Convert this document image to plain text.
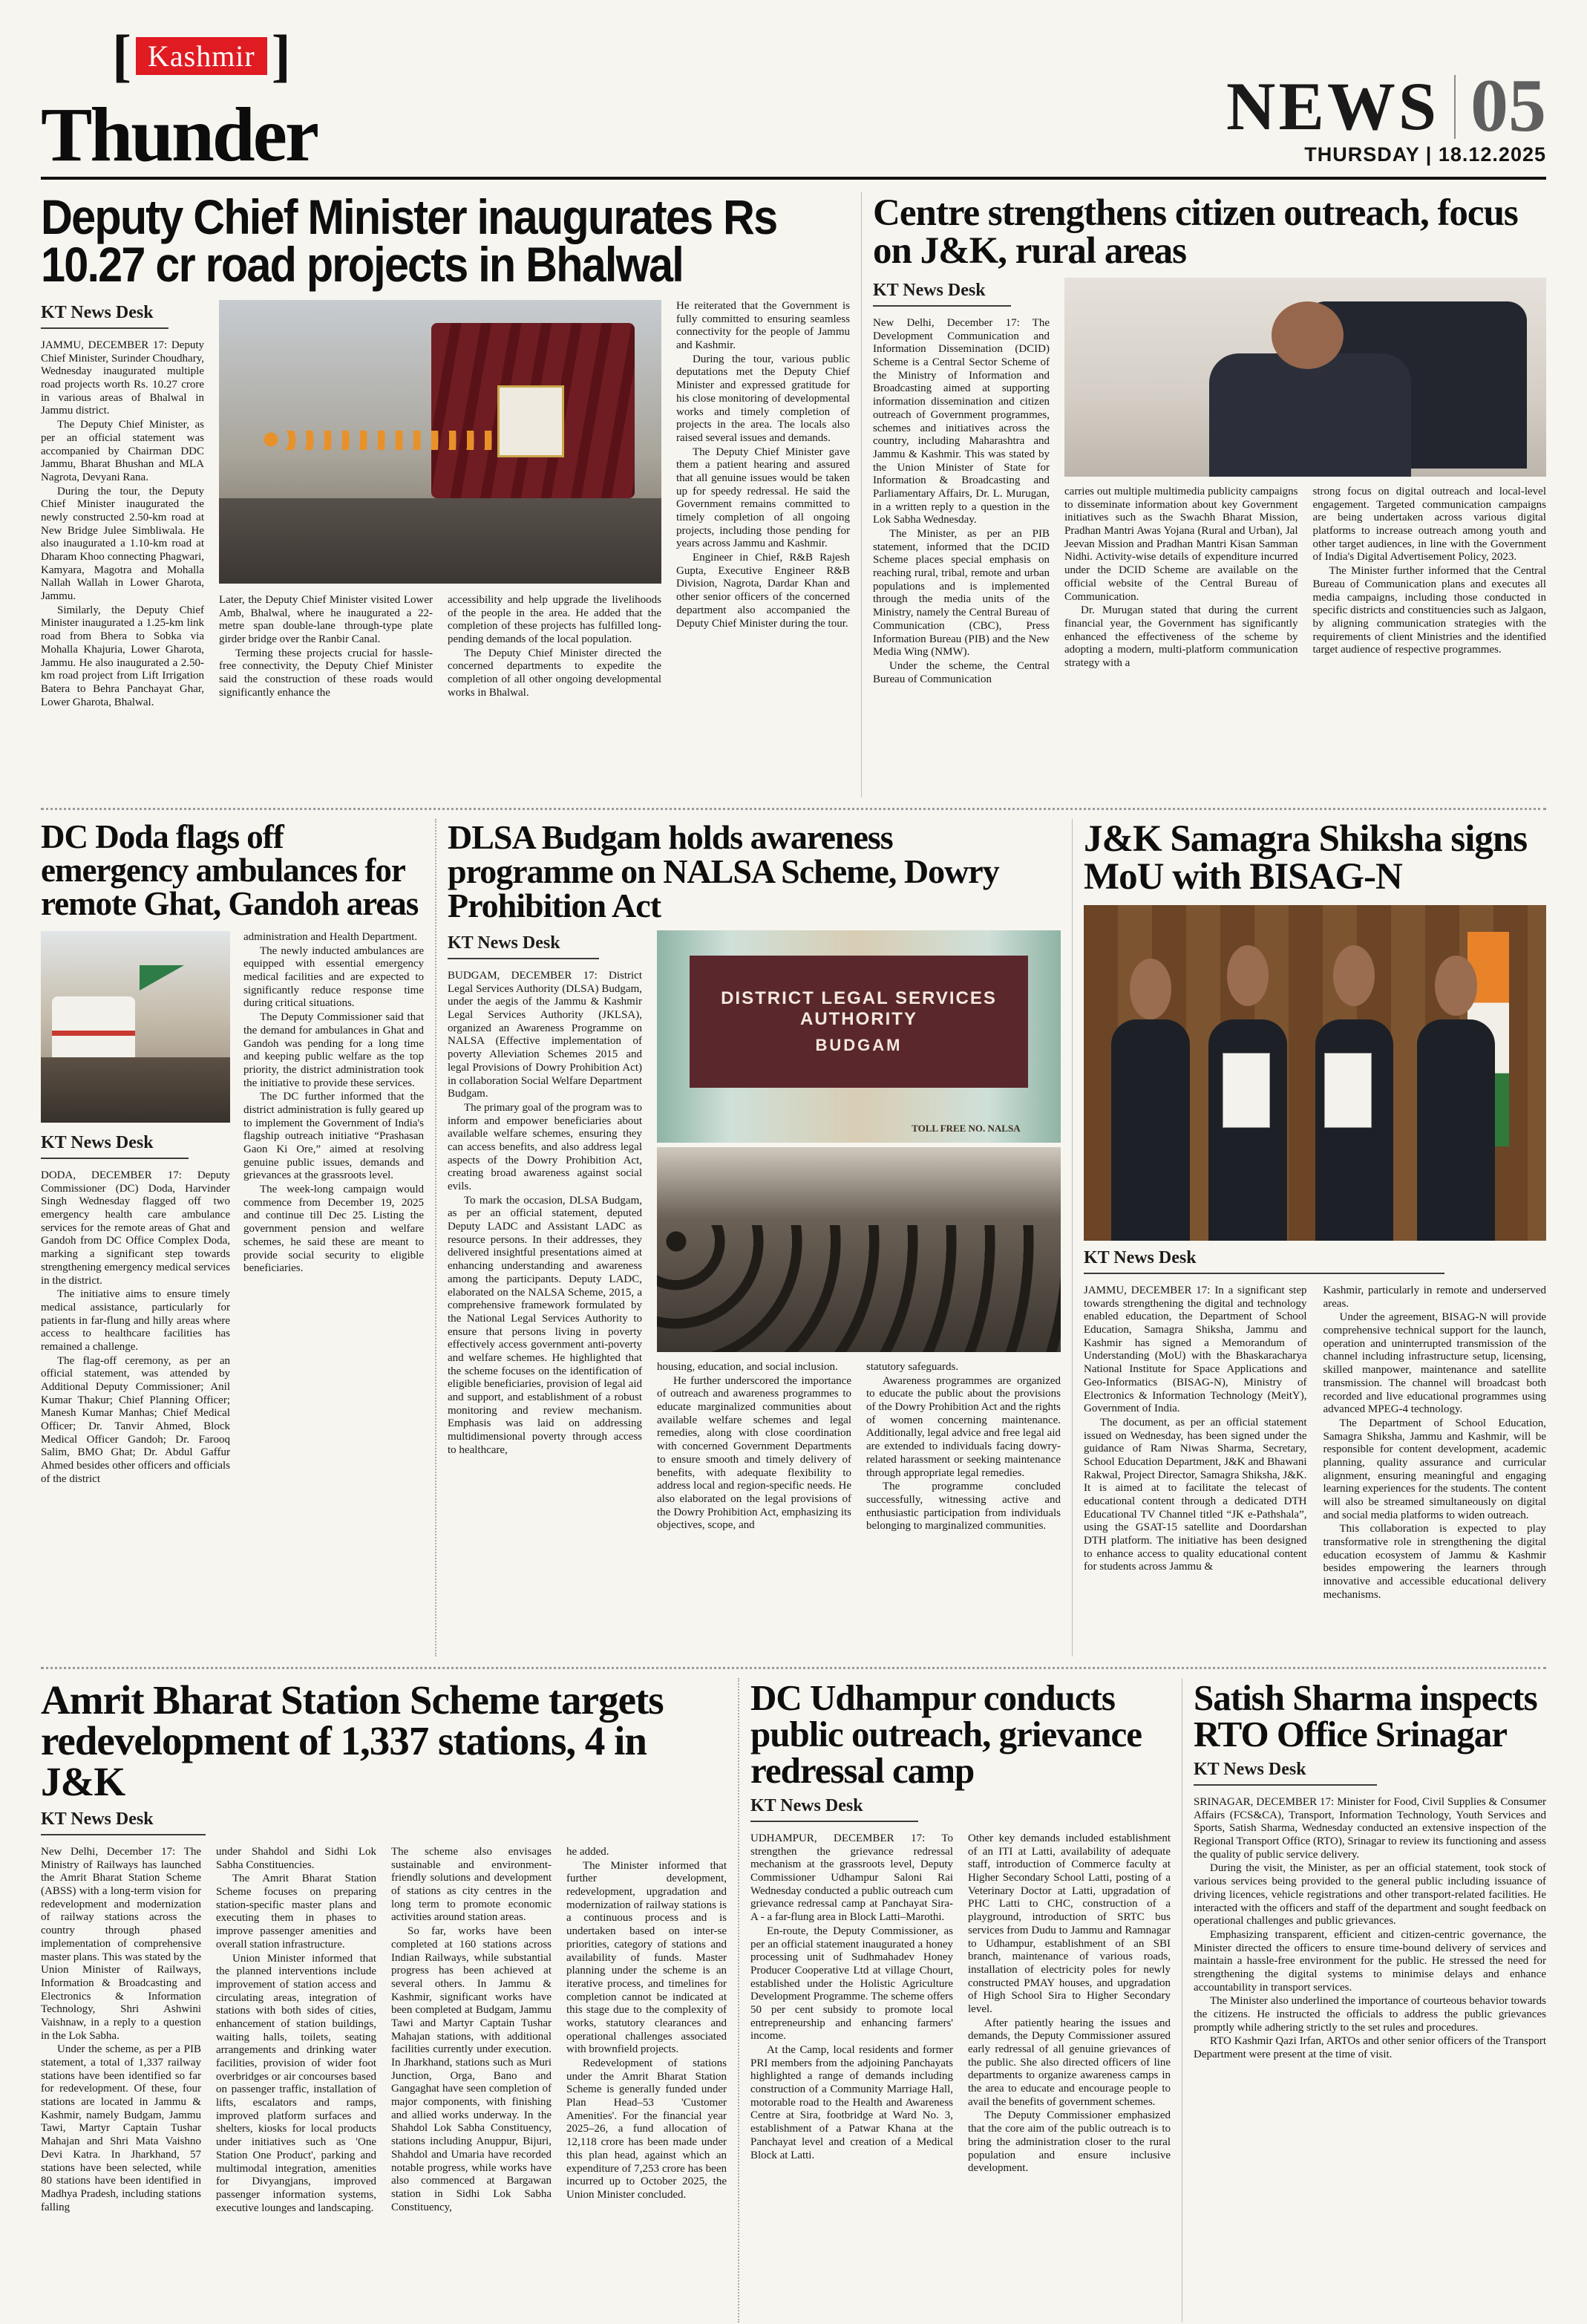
[ Kashmir ]
Thunder	NEWS 05
THURSDAY | 18.12.2025
Deputy Chief Minister inaugurates Rs 10.27 cr road projects in Bhalwal
KT News Desk

JAMMU, DECEMBER 17: Deputy Chief Minister, Surinder Choudhary, Wednesday inaugurated multiple road projects worth Rs. 10.27 crore in various areas of Bhalwal in Jammu district.

The Deputy Chief Minister, as per an official statement was accompanied by Chairman DDC Jammu, Bharat Bhushan and MLA Nagrota, Devyani Rana.

During the tour, the Deputy Chief Minister inaugurated the newly constructed 2.50-km road at New Bridge Julee Simbliwala. He also inaugurated a 1.10-km road at Dharam Khoo connecting Phagwari, Kamyara, Magotra and Mohalla Nallah Wallah in Lower Gharota, Jammu.

Similarly, the Deputy Chief Minister inaugurated a 1.25-km link road from Bhera to Sobka via Mohalla Khajuria, Lower Gharota, Jammu. He also inaugurated a 2.50-km road project from Lift Irrigation Batera to Behra Panchayat Ghar, Lower Gharota, Bhalwal.

Later, the Deputy Chief Minister visited Lower Amb, Bhalwal, where he inaugurated a 22-metre span double-lane through-type plate girder bridge over the Ranbir Canal.

Terming these projects crucial for hassle-free connectivity, the Deputy Chief Minister said the construction of these roads would significantly enhance the

accessibility and help upgrade the livelihoods of the people in the area. He added that the completion of these projects has fulfilled long-pending demands of the local population.

The Deputy Chief Minister directed the concerned departments to expedite the completion of all other ongoing developmental works in Bhalwal.

He reiterated that the Government is fully committed to ensuring seamless connectivity for the people of Jammu and Kashmir.

During the tour, various public deputations met the Deputy Chief Minister and expressed gratitude for his close monitoring of developmental works and timely completion of projects in the area. The locals also raised several issues and demands.

The Deputy Chief Minister gave them a patient hearing and assured that all genuine issues would be taken up for speedy redressal. He said the Government remains committed to timely completion of all ongoing projects, including those pending for years across Jammu and Kashmir.

Engineer in Chief, R&B Rajesh Gupta, Executive Engineer R&B Division, Nagrota, Dardar Khan and other senior officers of the concerned department also accompanied the Deputy Chief Minister during the tour.

Centre strengthens citizen outreach, focus on J&K, rural areas
KT News Desk

New Delhi, December 17: The Development Communication and Information Dissemination (DCID) Scheme is a Central Sector Scheme of the Ministry of Information and Broadcasting aimed at supporting information dissemination and citizen outreach of Government programmes, schemes and initiatives across the country, including Maharashtra and Jammu & Kashmir. This was stated by the Union Minister of State for Information & Broadcasting and Parliamentary Affairs, Dr. L. Murugan, in a written reply to a question in the Lok Sabha Wednesday.

The Minister, as per an PIB statement, informed that the DCID Scheme places special emphasis on reaching rural, tribal, remote and urban populations and is implemented through the media units of the Ministry, namely the Central Bureau of Communication (CBC), Press Information Bureau (PIB) and the New Media Wing (NMW).

Under the scheme, the Central Bureau of Communication

carries out multiple multimedia publicity campaigns to disseminate information about key Government initiatives such as the Swachh Bharat Mission, Pradhan Mantri Awas Yojana (Rural and Urban), Jal Jeevan Mission and Pradhan Mantri Kisan Samman Nidhi. Activity-wise details of expenditure incurred under the DCID Scheme are available on the official website of the Central Bureau of Communication.

Dr. Murugan stated that during the current financial year, the Government has significantly enhanced the effectiveness of the scheme by adopting a modern, multi-platform communication strategy with a

strong focus on digital outreach and local-level engagement. Targeted communication campaigns are being undertaken across various digital platforms to increase outreach among youth and other target audiences, in line with the Government of India's Digital Advertisement Policy, 2023.

The Minister further informed that the Central Bureau of Communication plans and executes all media campaigns, including those conducted in specific districts and constituencies such as Jalgaon, by aligning communication strategies with the requirements of client Ministries and the identified target audience of respective programmes.

DC Doda flags off emergency ambulances for remote Ghat, Gandoh areas
KT News Desk

DODA, DECEMBER 17: Deputy Commissioner (DC) Doda, Harvinder Singh Wednesday flagged off two emergency health care ambulance services for the remote areas of Ghat and Gandoh from DC Office Complex Doda, marking a significant step towards strengthening emergency medical services in the district.

The initiative aims to ensure timely medical assistance, particularly for patients in far-flung and hilly areas where access to healthcare facilities has remained a challenge.

The flag-off ceremony, as per an official statement, was attended by Additional Deputy Commissioner; Anil Kumar Thakur; Chief Planning Officer; Manesh Kumar Manhas; Chief Medical Officer; Dr. Tanvir Ahmed, Block Medical Officer Gandoh; Dr. Farooq Salim, BMO Ghat; Dr. Abdul Gaffur Ahmed besides other officers and officials of the district

administration and Health Department.

The newly inducted ambulances are equipped with essential emergency medical facilities and are expected to significantly reduce response time during critical situations.

The Deputy Commissioner said that the demand for ambulances in Ghat and Gandoh was pending for a long time and keeping public welfare as the top priority, the district administration took the initiative to provide these services.

The DC further informed that the district administration is fully geared up to implement the Government of India's flagship outreach initiative “Prashasan Gaon Ki Ore,” aimed at resolving genuine public issues, demands and grievances at the grassroots level.

The week-long campaign would commence from December 19, 2025 and continue till Dec 25. Listing the government pension and welfare schemes, he said these are meant to provide social security to eligible beneficiaries.

DLSA Budgam holds awareness programme on NALSA Scheme, Dowry Prohibition Act
KT News Desk

BUDGAM, DECEMBER 17: District Legal Services Authority (DLSA) Budgam, under the aegis of the Jammu & Kashmir Legal Services Authority (JKLSA), organized an Awareness Programme on NALSA (Effective implementation of poverty Alleviation Schemes 2015 and legal Provisions of Dowry Prohibition Act) in collaboration Social Welfare Department Budgam.

The primary goal of the program was to inform and empower beneficiaries about available welfare schemes, ensuring they can access benefits, and also address legal aspects of the Dowry Prohibition Act, creating broad awareness against social evils.

To mark the occasion, DLSA Budgam, as per an official statement, deputed Deputy LADC and Assistant LADC as resource persons. In their addresses, they delivered insightful presentations aimed at enhancing understanding and awareness among the participants. Deputy LADC, elaborated on the NALSA Scheme, 2015, a comprehensive framework formulated by the National Legal Services Authority to ensure that persons living in poverty effectively access government anti-poverty and welfare schemes. He highlighted that the scheme focuses on the identification of eligible beneficiaries, provision of legal aid and support, and establishment of a robust monitoring and review mechanism. Emphasis was laid on addressing multidimensional poverty through access to healthcare,

DISTRICT LEGAL SERVICES AUTHORITY
BUDGAM
TOLL FREE NO. NALSA

housing, education, and social inclusion.

He further underscored the importance of outreach and awareness programmes to educate marginalized communities about available welfare schemes and legal remedies, along with close coordination with concerned Government Departments to ensure smooth and timely delivery of benefits, with adequate flexibility to address local and region-specific needs. He also elaborated on the legal provisions of the Dowry Prohibition Act, emphasizing its objectives, scope, and

statutory safeguards.

Awareness programmes are organized to educate the public about the provisions of the Dowry Prohibition Act and the rights of women concerning maintenance. Additionally, legal advice and free legal aid are extended to individuals facing dowry-related harassment or seeking maintenance through appropriate legal remedies.

The programme concluded successfully, witnessing active and enthusiastic participation from individuals belonging to marginalized communities.

J&K Samagra Shiksha signs MoU with BISAG-N
KT News Desk

JAMMU, DECEMBER 17: In a significant step towards strengthening the digital and technology enabled education, the Department of School Education, Samagra Shiksha, Jammu and Kashmir has signed a Memorandum of Understanding (MoU) with the Bhaskaracharya National Institute for Space Applications and Geo-Informatics (BISAG-N), Ministry of Electronics & Information Technology (MeitY), Government of India.

The document, as per an official statement issued on Wednesday, has been signed under the guidance of Ram Niwas Sharma, Secretary, School Education Department, J&K and Bhawani Rakwal, Project Director, Samagra Shiksha, J&K. It is aimed at to facilitate the telecast of educational content through a dedicated DTH Educational TV Channel titled “JK e-Pathshala”, using the GSAT-15 satellite and Doordarshan DTH platform. The initiative has been designed to enhance access to quality educational content for students across Jammu &

Kashmir, particularly in remote and underserved areas.

Under the agreement, BISAG-N will provide comprehensive technical support for the launch, operation and uninterrupted transmission of the channel including infrastructure setup, licensing, skilled manpower, maintenance and satellite transmission. The channel will broadcast both recorded and live educational programmes using advanced MPEG-4 technology.

The Department of School Education, Samagra Shiksha, Jammu and Kashmir, will be responsible for content development, academic planning, quality assurance and curricular alignment, ensuring meaningful and engaging learning experiences for the students. The content will also be streamed simultaneously on digital and social media platforms to widen outreach.

This collaboration is expected to play transformative role in strengthening the digital education ecosystem of Jammu & Kashmir besides empowering the learners through innovative and accessible educational delivery mechanisms.

Amrit Bharat Station Scheme targets redevelopment of 1,337 stations, 4 in J&K
KT News Desk

New Delhi, December 17: The Ministry of Railways has launched the Amrit Bharat Station Scheme (ABSS) with a long-term vision for redevelopment and modernization of railway stations across the country through phased implementation of comprehensive master plans. This was stated by the Union Minister of Railways, Information & Broadcasting and Electronics & Information Technology, Shri Ashwini Vaishnaw, in a reply to a question in the Lok Sabha.

Under the scheme, as per a PIB statement, a total of 1,337 railway stations have been identified so far for redevelopment. Of these, four stations are located in Jammu & Kashmir, namely Budgam, Jammu Tawi, Martyr Captain Tushar Mahajan and Shri Mata Vaishno Devi Katra. In Jharkhand, 57 stations have been selected, while 80 stations have been identified in Madhya Pradesh, including stations falling

under Shahdol and Sidhi Lok Sabha Constituencies.

The Amrit Bharat Station Scheme focuses on preparing station-specific master plans and executing them in phases to improve passenger amenities and overall station infrastructure.

Union Minister informed that the planned interventions include improvement of station access and circulating areas, integration of stations with both sides of cities, enhancement of station buildings, waiting halls, toilets, seating arrangements and drinking water facilities, provision of wider foot overbridges or air concourses based on passenger traffic, installation of lifts, escalators and ramps, improved platform surfaces and shelters, kiosks for local products under initiatives such as 'One Station One Product', parking and multimodal integration, amenities for Divyangjans, improved passenger information systems, executive lounges and landscaping.

The scheme also envisages sustainable and environment-friendly solutions and development of stations as city centres in the long term to promote economic activities around station areas.

So far, works have been completed at 160 stations across Indian Railways, while substantial progress has been achieved at several others. In Jammu & Kashmir, significant works have been completed at Budgam, Jammu Tawi and Martyr Captain Tushar Mahajan stations, with additional facilities currently under execution. In Jharkhand, stations such as Muri Junction, Orga, Bano and Gangaghat have seen completion of major components, with finishing and allied works underway. In the Shahdol Lok Sabha Constituency, stations including Anuppur, Bijuri, Shahdol and Umaria have recorded notable progress, while works have also commenced at Bargawan station in Sidhi Lok Sabha Constituency,

he added.

The Minister informed that further development, redevelopment, upgradation and modernization of railway stations is a continuous process and is undertaken based on inter-se priorities, category of stations and availability of funds. Master planning under the scheme is an iterative process, and timelines for completion cannot be indicated at this stage due to the complexity of works, statutory clearances and operational challenges associated with brownfield projects.

Redevelopment of stations under the Amrit Bharat Station Scheme is generally funded under Plan Head–53 'Customer Amenities'. For the financial year 2025–26, a fund allocation of 12,118 crore has been made under this plan head, against which an expenditure of 7,253 crore has been incurred up to October 2025, the Union Minister concluded.

DC Udhampur conducts public outreach, grievance redressal camp
KT News Desk

UDHAMPUR, DECEMBER 17: To strengthen the grievance redressal mechanism at the grassroots level, Deputy Commissioner Udhampur Saloni Rai Wednesday conducted a public outreach cum grievance redressal camp at Panchayat Sira-A - a far-flung area in Block Latti–Marothi.

En-route, the Deputy Commissioner, as per an official statement inaugurated a honey processing unit of Sudhmahadev Honey Producer Cooperative Ltd at village Chourt, established under the Holistic Agriculture Development Programme. The scheme offers 50 per cent subsidy to promote local entrepreneurship and enhancing farmers' income.

At the Camp, local residents and former PRI members from the adjoining Panchayats highlighted a range of demands including construction of a Community Marriage Hall, motorable road to the Health and Awareness Centre at Sira, footbridge at Ward No. 3, establishment of a Patwar Khana at the Panchayat level and creation of a Medical Block at Latti.

Other key demands included establishment of an ITI at Latti, availability of adequate staff, introduction of Commerce faculty at Higher Secondary School Latti, posting of a Veterinary Doctor at Latti, upgradation of PHC Latti to CHC, construction of a playground, introduction of SRTC bus services from Dudu to Jammu and Ramnagar to Udhampur, establishment of an SBI branch, maintenance of various roads, installation of electricity poles for newly constructed PMAY houses, and upgradation of High School Sira to Higher Secondary level.

After patiently hearing the issues and demands, the Deputy Commissioner assured early redressal of all genuine grievances of the public. She also directed officers of line departments to organize awareness camps in the area to educate and encourage people to avail the benefits of government schemes.

The Deputy Commissioner emphasized that the core aim of the public outreach is to bring the administration closer to the rural population and ensure inclusive development.

Satish Sharma inspects RTO Office Srinagar
KT News Desk

SRINAGAR, DECEMBER 17: Minister for Food, Civil Supplies & Consumer Affairs (FCS&CA), Transport, Information Technology, Youth Services and Sports, Satish Sharma, Wednesday conducted an extensive inspection of the Regional Transport Office (RTO), Srinagar to review its functioning and assess the quality of public service delivery.

During the visit, the Minister, as per an official statement, took stock of various services being provided to the general public including issuance of driving licences, vehicle registrations and other transport-related facilities. He interacted with the officers and staff of the department and sought feedback on operational challenges and public grievances.

Emphasizing transparent, efficient and citizen-centric governance, the Minister directed the officers to ensure time-bound delivery of services and maintain a hassle-free environment for the public. He stressed the need for strengthening the digital systems to minimise delays and enhance accountability in transport services.

The Minister also underlined the importance of courteous behavior towards the citizens. He instructed the officials to address the public grievances promptly while adhering strictly to the set rules and procedures.

RTO Kashmir Qazi Irfan, ARTOs and other senior officers of the Transport Department were present at the time of visit.
